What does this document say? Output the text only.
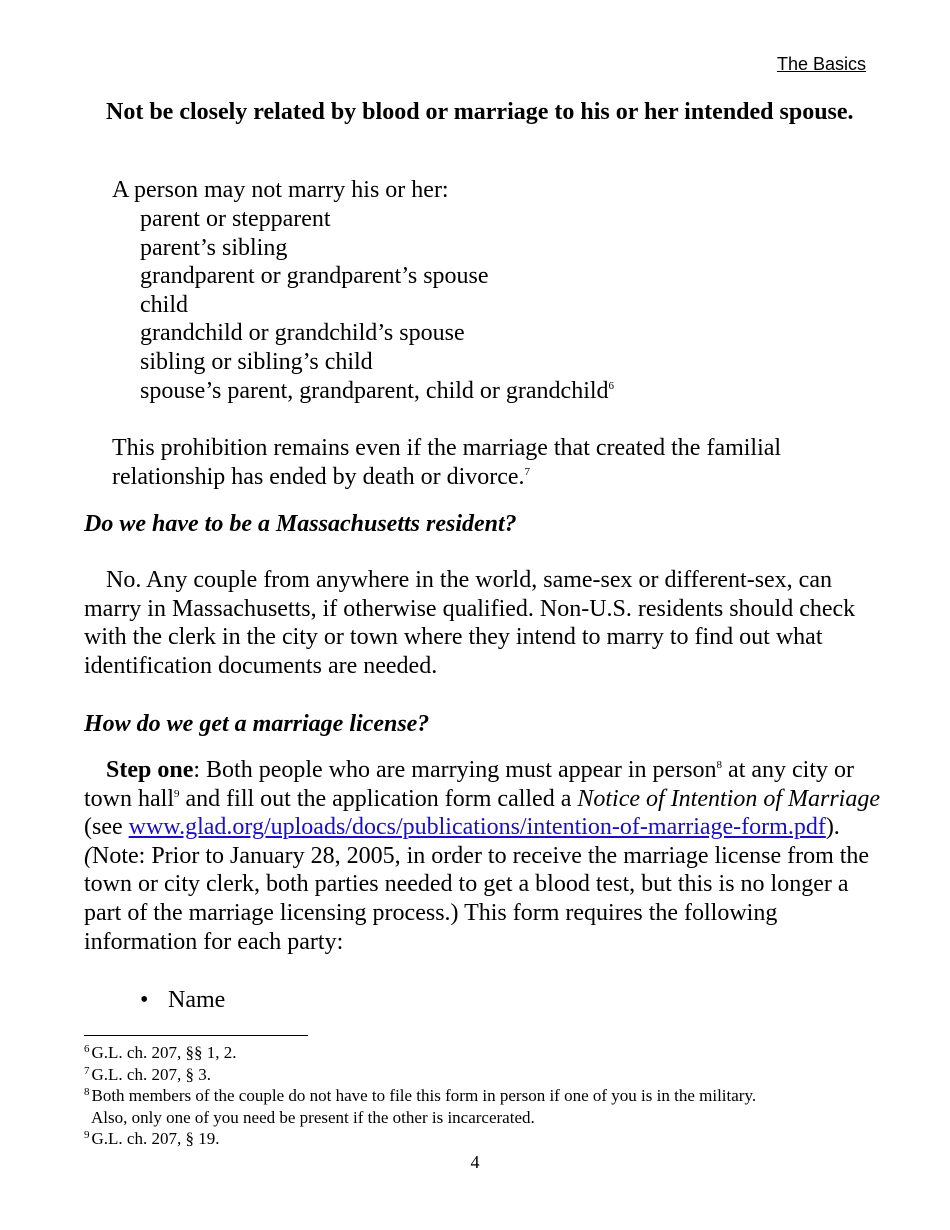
The Basics
Not be closely related by blood or marriage to his or her intended spouse.
A person may not marry his or her:
parent or stepparent
parent’s sibling
grandparent or grandparent’s spouse
child
grandchild or grandchild’s spouse
sibling or sibling’s child
spouse’s parent, grandparent, child or grandchild$^6$
This prohibition remains even if the marriage that created the familial relationship has ended by death or divorce.$^7$
Do we have to be a Massachusetts resident?
No. Any couple from anywhere in the world, same-sex or different-sex, can marry in Massachusetts, if otherwise qualified. Non-U.S. residents should check with the clerk in the city or town where they intend to marry to find out what identification documents are needed.
How do we get a marriage license?
Step one: Both people who are marrying must appear in person$^8$ at any city or town hall$^9$ and fill out the application form called a Notice of Intention of Marriage (see www.glad.org/uploads/docs/publications/intention-of-marriage-form.pdf). (Note: Prior to January 28, 2005, in order to receive the marriage license from the town or city clerk, both parties needed to get a blood test, but this is no longer a part of the marriage licensing process.) This form requires the following information for each party:
• Name
$^6$ G.L. ch. 207, §§ 1, 2.
$^7$ G.L. ch. 207, § 3.
$^8$ Both members of the couple do not have to file this form in person if one of you is in the military.
Also, only one of you need be present if the other is incarcerated.
$^9$ G.L. ch. 207, § 19.
4
